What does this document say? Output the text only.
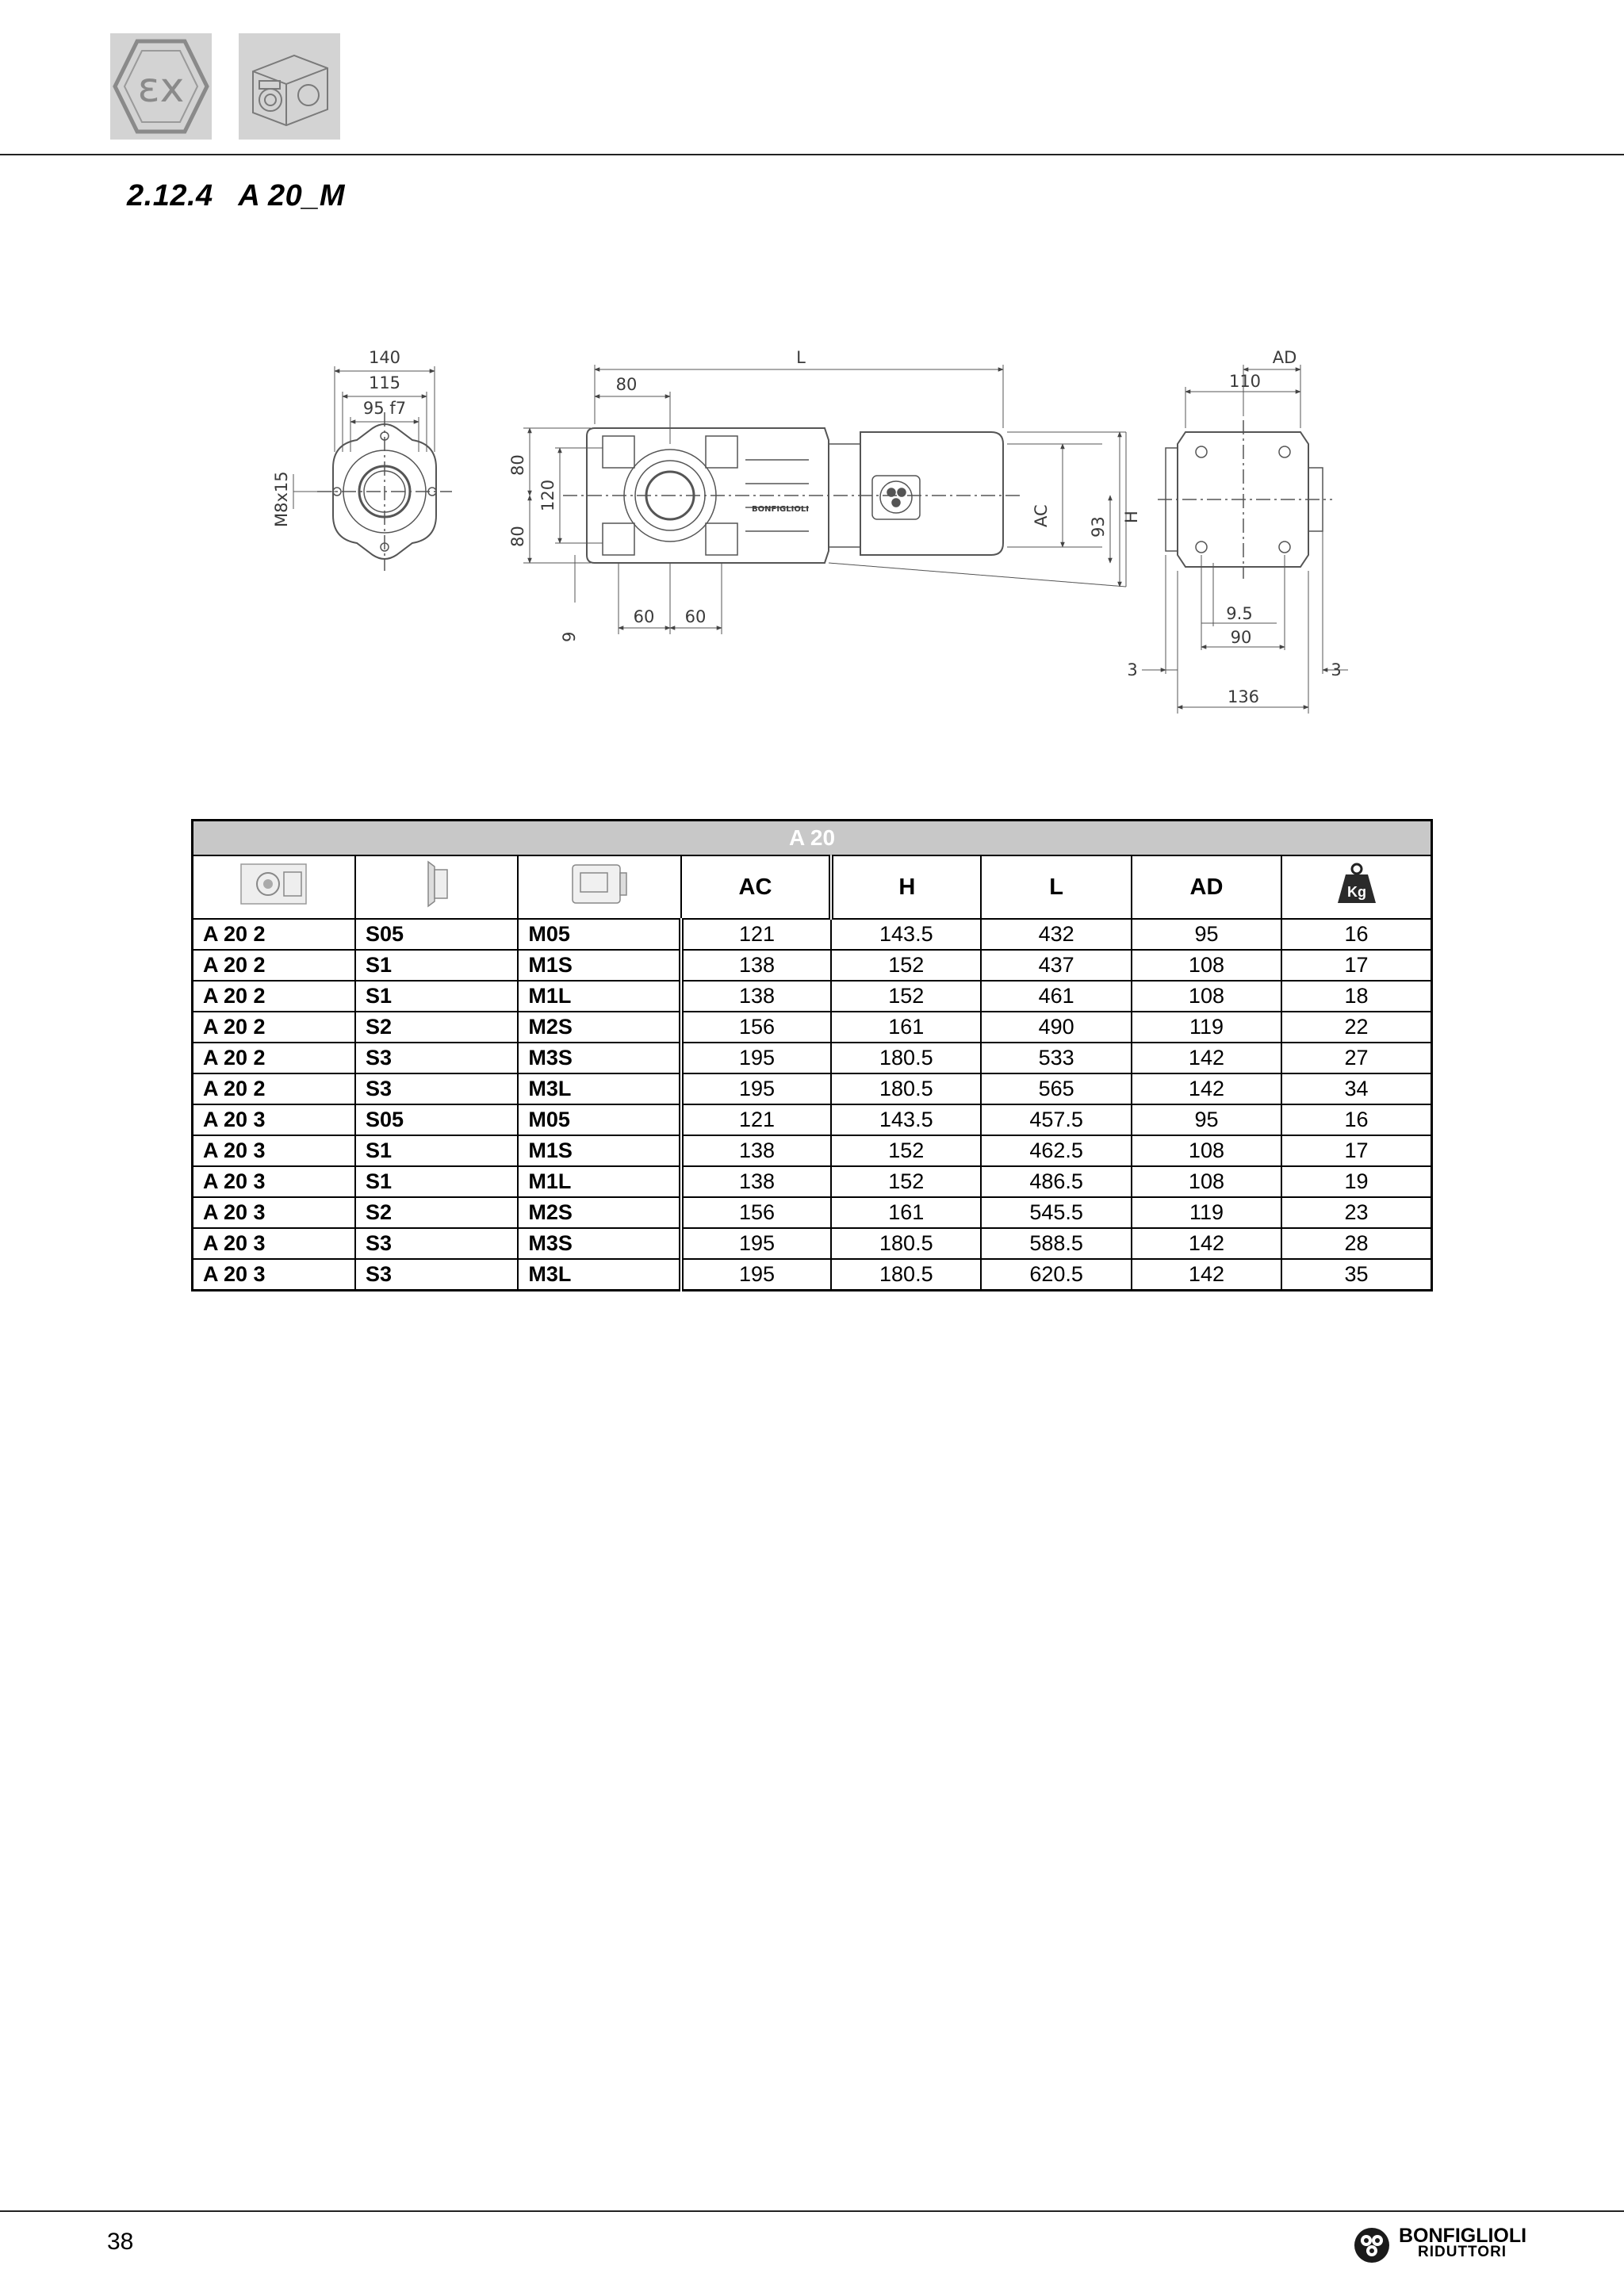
εx
2.12.4 A 20_M
140
115
95 f7
M8x15
L
80
80
120
80
9
60 60
AC 93 H
BONFIGLIOLI
AD
110
9.5
90
3
136
3
A 20							
			AC	H	L	AD	Kg

A 20 2	S05	M05	121	143.5	432	95	16
A 20 2	S1	M1S	138	152	437	108	17
A 20 2	S1	M1L	138	152	461	108	18
A 20 2	S2	M2S	156	161	490	119	22
A 20 2	S3	M3S	195	180.5	533	142	27
A 20 2	S3	M3L	195	180.5	565	142	34
A 20 3	S05	M05	121	143.5	457.5	95	16
A 20 3	S1	M1S	138	152	462.5	108	17
A 20 3	S1	M1L	138	152	486.5	108	19
A 20 3	S2	M2S	156	161	545.5	119	23
A 20 3	S3	M3S	195	180.5	588.5	142	28
A 20 3	S3	M3L	195	180.5	620.5	142	35
38	BONFIGLIOLI
RIDUTTORI
